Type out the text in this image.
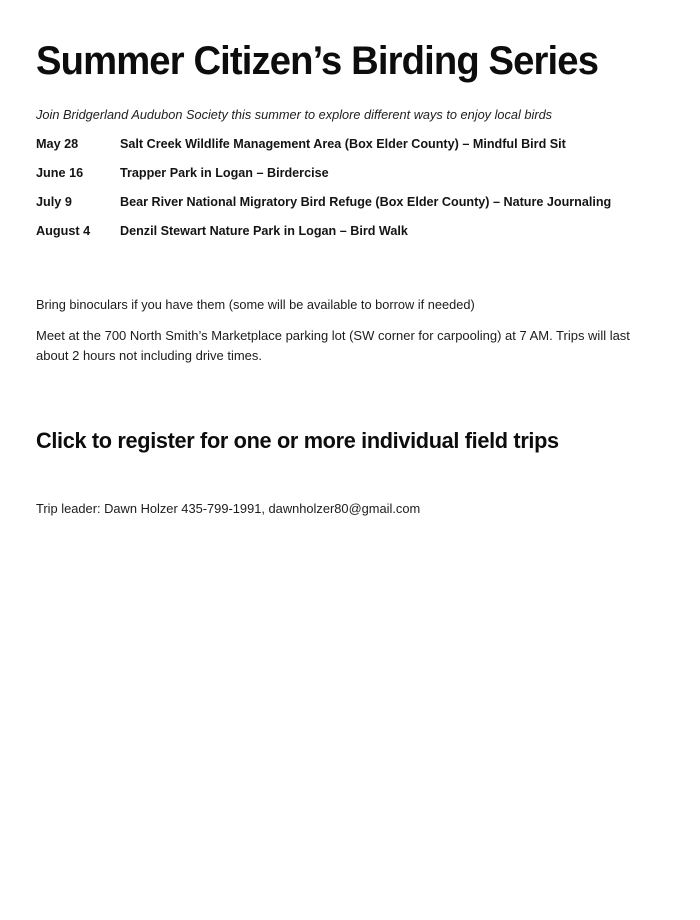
Summer Citizen’s Birding Series

Join Bridgerland Audubon Society this summer to explore different ways to enjoy local birds

May 28	Salt Creek Wildlife Management Area (Box Elder County) – Mindful Bird Sit
June 16	Trapper Park in Logan – Birdercise
July 9	Bear River National Migratory Bird Refuge (Box Elder County) – Nature Journaling
August 4	Denzil Stewart Nature Park in Logan – Bird Walk

Bring binoculars if you have them (some will be available to borrow if needed)

Meet at the 700 North Smith’s Marketplace parking lot (SW corner for carpooling) at 7 AM. Trips will last about 2 hours not including drive times.

Click to register for one or more individual field trips

Trip leader: Dawn Holzer 435-799-1991, dawnholzer80@gmail.com
